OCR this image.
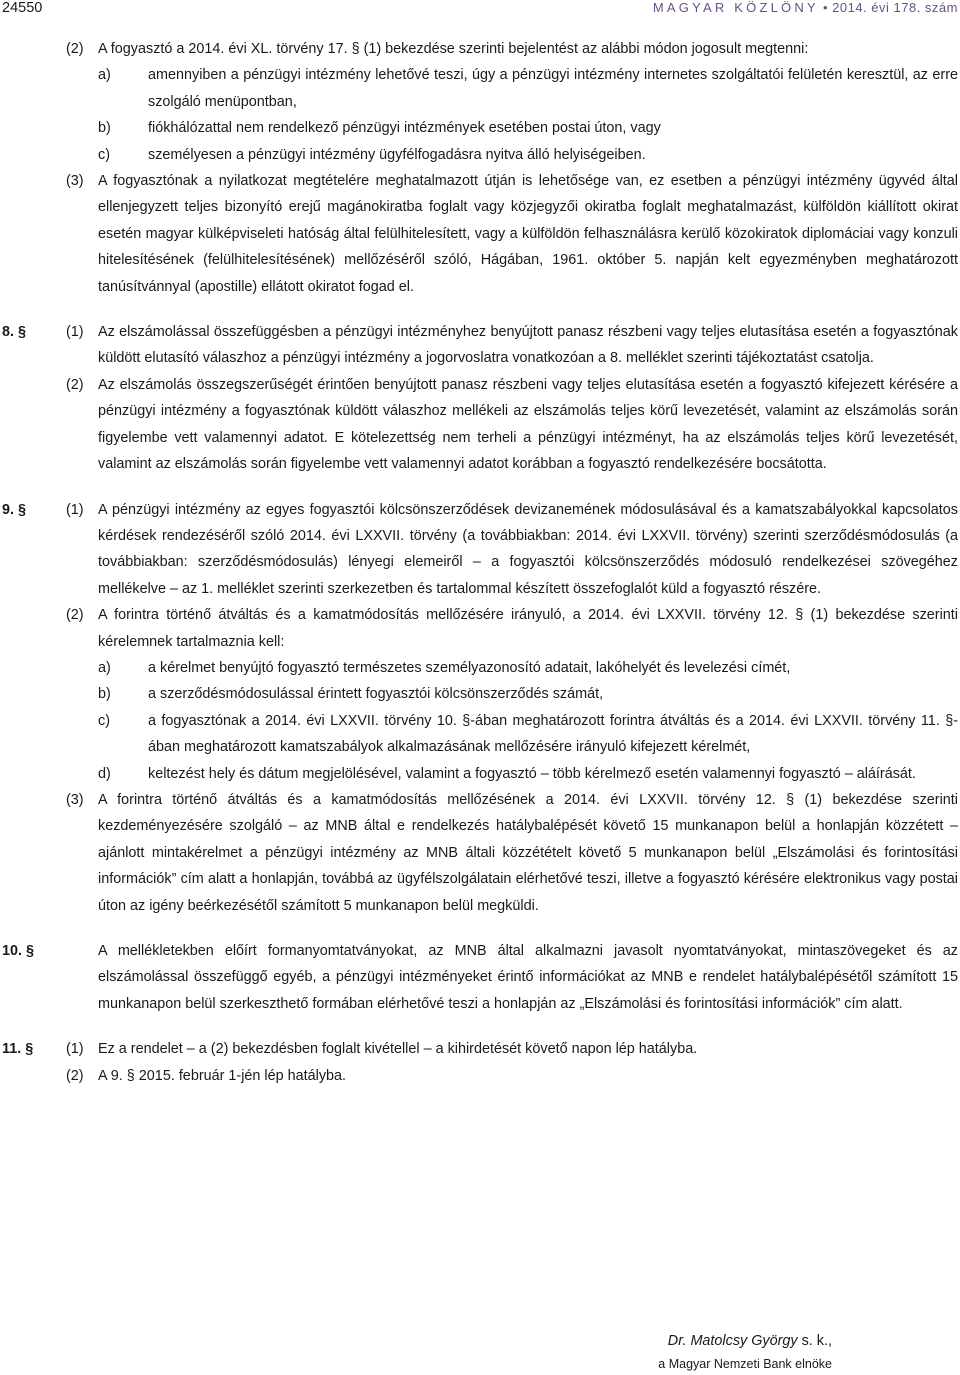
24550	MAGYAR KÖZLÖNY • 2014. évi 178. szám
(2) A fogyasztó a 2014. évi XL. törvény 17. § (1) bekezdése szerinti bejelentést az alábbi módon jogosult megtenni:
a)	amennyiben a pénzügyi intézmény lehetővé teszi, úgy a pénzügyi intézmény internetes szolgáltatói felületén keresztül, az erre szolgáló menüpontban,
b)	fiókhálózattal nem rendelkező pénzügyi intézmények esetében postai úton, vagy
c)	személyesen a pénzügyi intézmény ügyfélfogadásra nyitva álló helyiségeiben.
(3) A fogyasztónak a nyilatkozat megtételére meghatalmazott útján is lehetősége van, ez esetben a pénzügyi intézmény ügyvéd által ellenjegyzett teljes bizonyító erejű magánokiratba foglalt vagy közjegyzői okiratba foglalt meghatalmazást, külföldön kiállított okirat esetén magyar külképviseleti hatóság által felülhitelesített, vagy a külföldön felhasználásra kerülő közokiratok diplomáciai vagy konzuli hitelesítésének (felülhitelesítésének) mellőzéséről szóló, Hágában, 1961. október 5. napján kelt egyezményben meghatározott tanúsítvánnyal (apostille) ellátott okiratot fogad el.
8. §	(1) Az elszámolással összefüggésben a pénzügyi intézményhez benyújtott panasz részbeni vagy teljes elutasítása esetén a fogyasztónak küldött elutasító válaszhoz a pénzügyi intézmény a jogorvoslatra vonatkozóan a 8. melléklet szerinti tájékoztatást csatolja.
(2) Az elszámolás összegszerűségét érintően benyújtott panasz részbeni vagy teljes elutasítása esetén a fogyasztó kifejezett kérésére a pénzügyi intézmény a fogyasztónak küldött válaszhoz mellékeli az elszámolás teljes körű levezetését, valamint az elszámolás során figyelembe vett valamennyi adatot. E kötelezettség nem terheli a pénzügyi intézményt, ha az elszámolás teljes körű levezetését, valamint az elszámolás során figyelembe vett valamennyi adatot korábban a fogyasztó rendelkezésére bocsátotta.
9. §	(1) A pénzügyi intézmény az egyes fogyasztói kölcsönszerződések devizanemének módosulásával és a kamatszabályokkal kapcsolatos kérdések rendezéséről szóló 2014. évi LXXVII. törvény (a továbbiakban: 2014. évi LXXVII. törvény) szerinti szerződésmódosulás (a továbbiakban: szerződésmódosulás) lényegi elemeiről – a fogyasztói kölcsönszerződés módosuló rendelkezései szövegéhez mellékelve – az 1. melléklet szerinti szerkezetben és tartalommal készített összefoglalót küld a fogyasztó részére.
(2) A forintra történő átváltás és a kamatmódosítás mellőzésére irányuló, a 2014. évi LXXVII. törvény 12. § (1) bekezdése szerinti kérelemnek tartalmaznia kell:
a)	a kérelmet benyújtó fogyasztó természetes személyazonosító adatait, lakóhelyét és levelezési címét,
b)	a szerződésmódosulással érintett fogyasztói kölcsönszerződés számát,
c)	a fogyasztónak a 2014. évi LXXVII. törvény 10. §-ában meghatározott forintra átváltás és a 2014. évi LXXVII. törvény 11. §-ában meghatározott kamatszabályok alkalmazásának mellőzésére irányuló kifejezett kérelmét,
d)	keltezést hely és dátum megjelölésével, valamint a fogyasztó – több kérelmező esetén valamennyi fogyasztó – aláírását.
(3) A forintra történő átváltás és a kamatmódosítás mellőzésének a 2014. évi LXXVII. törvény 12. § (1) bekezdése szerinti kezdeményezésére szolgáló – az MNB által e rendelkezés hatálybalépését követő 15 munkanapon belül a honlapján közzétett – ajánlott mintakérelmet a pénzügyi intézmény az MNB általi közzétételt követő 5 munkanapon belül „Elszámolási és forintosítási információk” cím alatt a honlapján, továbbá az ügyfélszolgálatain elérhetővé teszi, illetve a fogyasztó kérésére elektronikus vagy postai úton az igény beérkezésétől számított 5 munkanapon belül megküldi.
10. §	A mellékletekben előírt formanyomtatványokat, az MNB által alkalmazni javasolt nyomtatványokat, mintaszövegeket és az elszámolással összefüggő egyéb, a pénzügyi intézményeket érintő információkat az MNB e rendelet hatálybalépésétől számított 15 munkanapon belül szerkeszthető formában elérhetővé teszi a honlapján az „Elszámolási és forintosítási információk” cím alatt.
11. § (1) Ez a rendelet – a (2) bekezdésben foglalt kivétellel – a kihirdetését követő napon lép hatályba.
(2) A 9. § 2015. február 1-jén lép hatályba.
Dr. Matolcsy György s. k.,
a Magyar Nemzeti Bank elnöke
